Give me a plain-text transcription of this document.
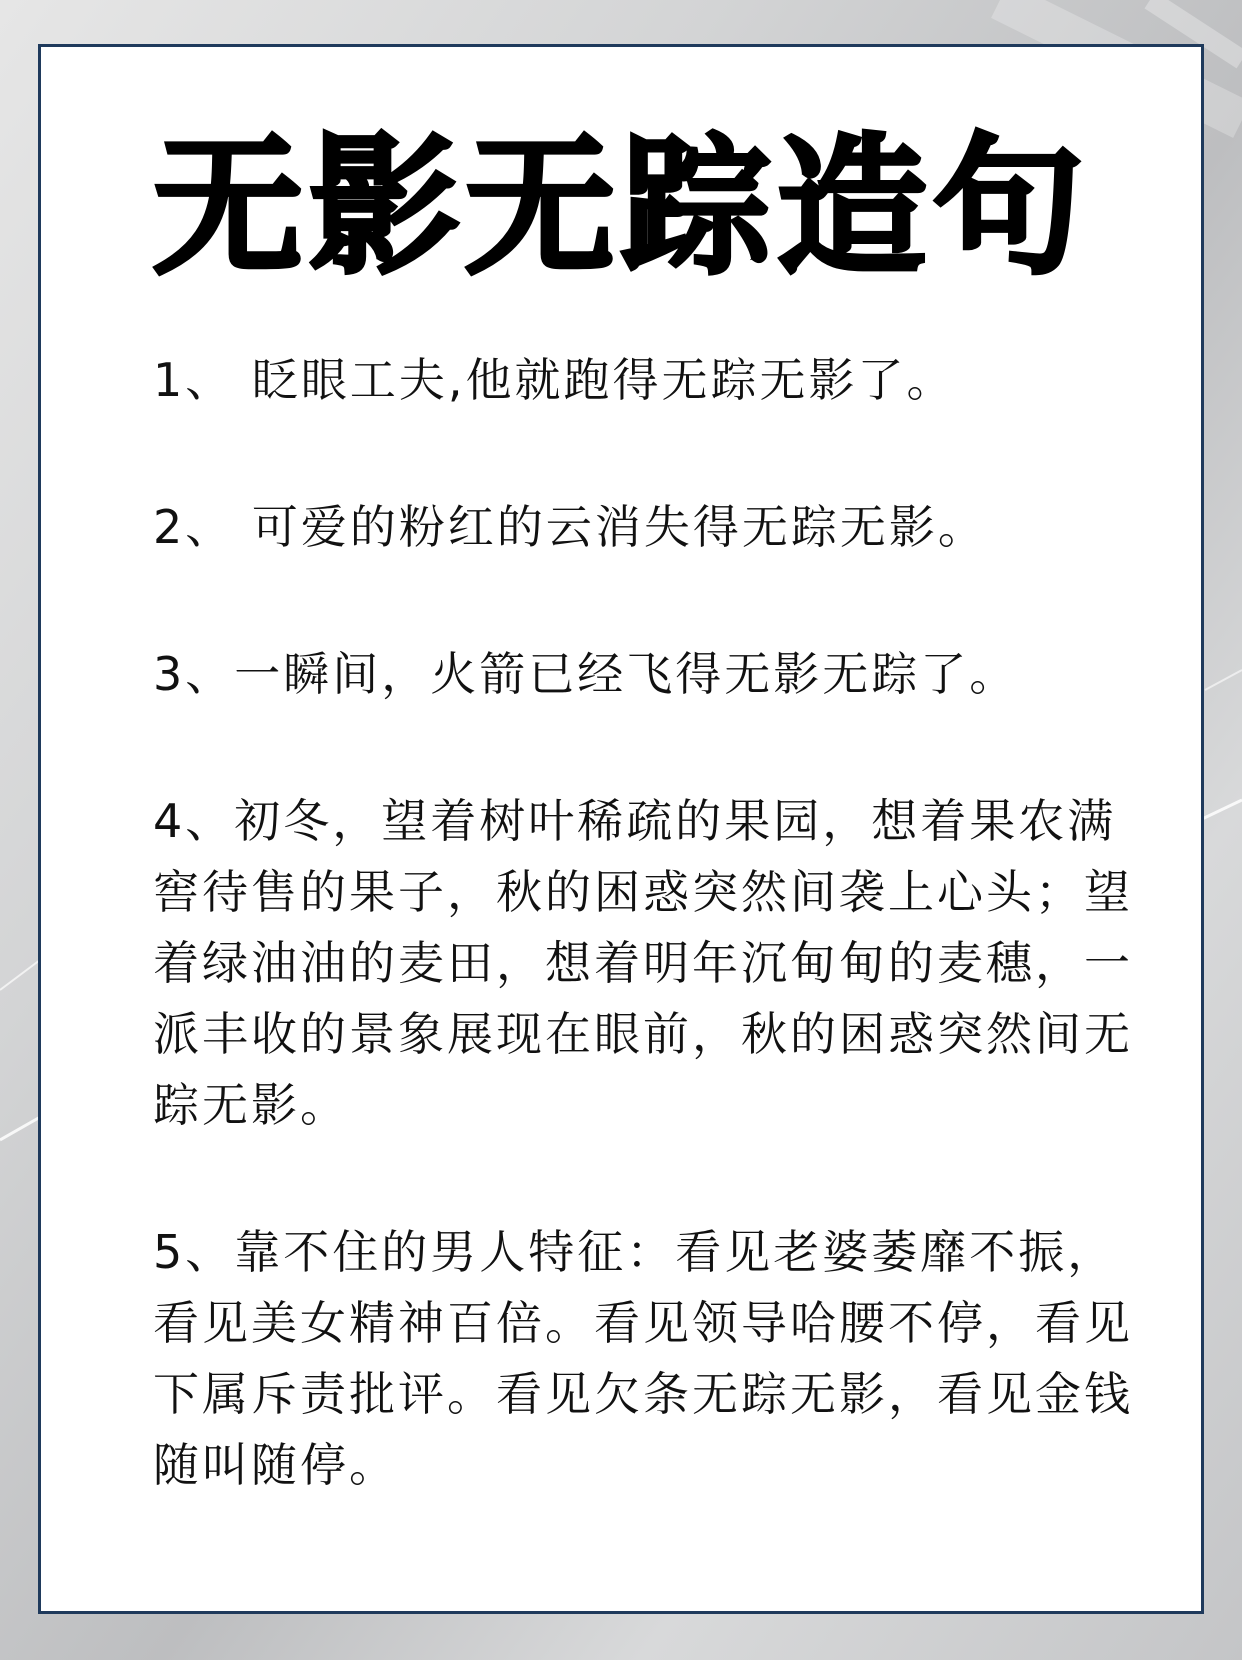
无影无踪造句
1、 眨眼工夫,他就跑得无踪无影了。
2、 可爱的粉红的云消失得无踪无影。
3、一瞬间，火箭已经飞得无影无踪了。
4、初冬，望着树叶稀疏的果园，想着果农满窖待售的果子，秋的困惑突然间袭上心头；望着绿油油的麦田，想着明年沉甸甸的麦穗，一派丰收的景象展现在眼前，秋的困惑突然间无踪无影。
5、靠不住的男人特征：看见老婆萎靡不振，看见美女精神百倍。看见领导哈腰不停，看见下属斥责批评。看见欠条无踪无影，看见金钱随叫随停。
